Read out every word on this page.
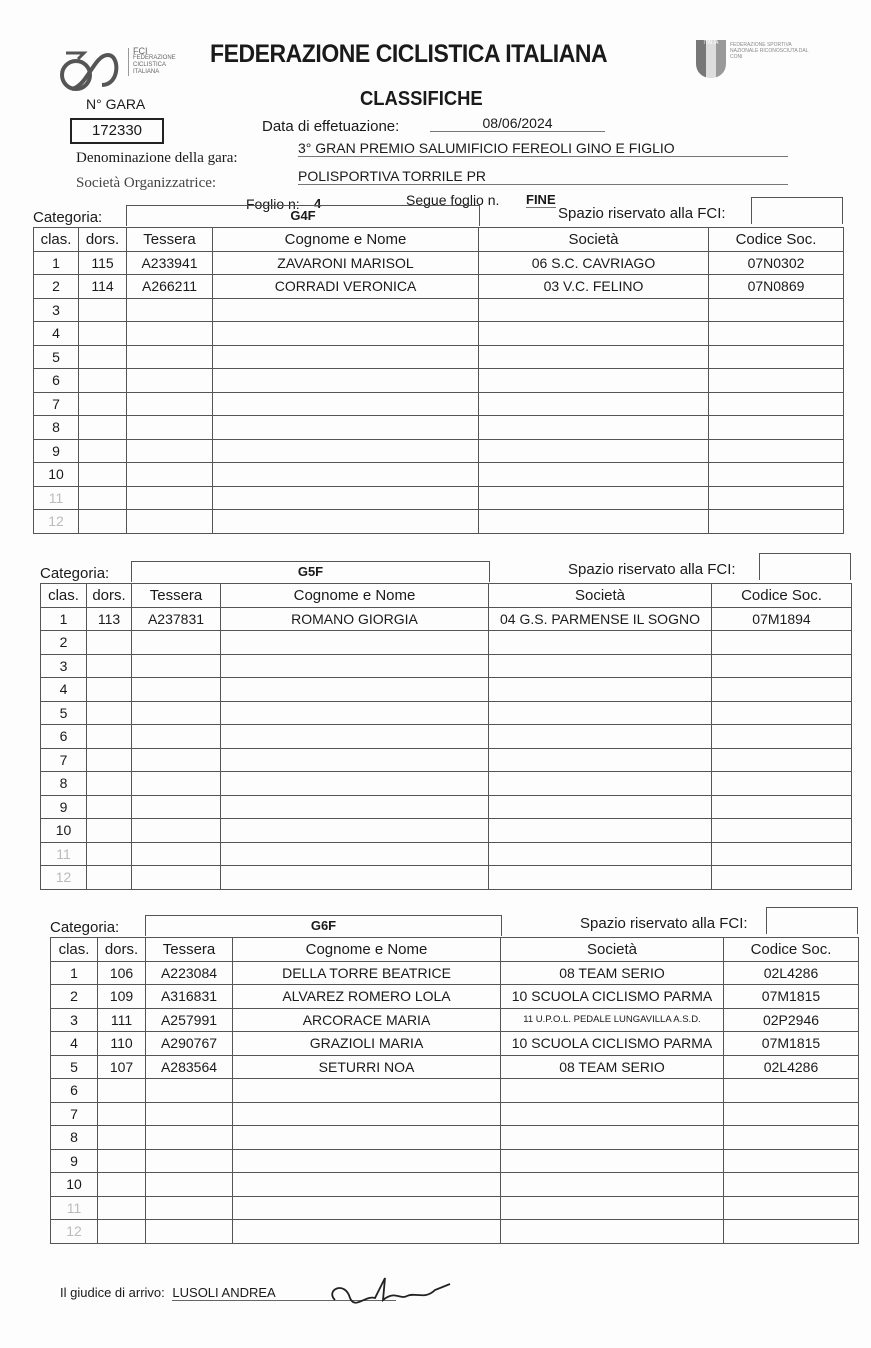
FCI
FEDERAZIONE
CICLISTICA
ITALIANA
ITALIA	FEDERAZIONE SPORTIVA NAZIONALE RICONOSCIUTA DAL CONI
FEDERAZIONE CICLISTICA ITALIANA
CLASSIFICHE
N° GARA
172330	Data di effetuazione:	08/06/2024
Denominazione della gara:
3° GRAN PREMIO SALUMIFICIO FEREOLI GINO E FIGLIO
Società Organizzatrice:	POLISPORTIVA TORRILE PR
Foglio n: 4	Segue foglio n. FINE
Categoria:	G4F	Spazio riservato alla FCI:
clas.	dors.	Tessera	Cognome e Nome	Società	Codice Soc.
1	115	A233941	ZAVARONI MARISOL	06 S.C. CAVRIAGO	07N0302
2	114	A266211	CORRADI VERONICA	03 V.C. FELINO	07N0869
3					
4					
5					
6					
7					
8					
9					
10					
11					
12					
Categoria:	G5F	Spazio riservato alla FCI:
clas.	dors.	Tessera	Cognome e Nome	Società	Codice Soc.
1	113	A237831	ROMANO GIORGIA	04 G.S. PARMENSE IL SOGNO	07M1894
2					
3					
4					
5					
6					
7					
8					
9					
10					
11					
12					
Categoria:	G6F	Spazio riservato alla FCI:
clas.	dors.	Tessera	Cognome e Nome	Società	Codice Soc.
1	106	A223084	DELLA TORRE BEATRICE	08 TEAM SERIO	02L4286
2	109	A316831	ALVAREZ ROMERO LOLA	10 SCUOLA CICLISMO PARMA	07M1815
3	111	A257991	ARCORACE MARIA	11 U.P.O.L. PEDALE LUNGAVILLA A.S.D.	02P2946
4	110	A290767	GRAZIOLI MARIA	10 SCUOLA CICLISMO PARMA	07M1815
5	107	A283564	SETURRI NOA	08 TEAM SERIO	02L4286
6					
7					
8					
9					
10					
11					
12					
Il giudice di arrivo: LUSOLI ANDREA
